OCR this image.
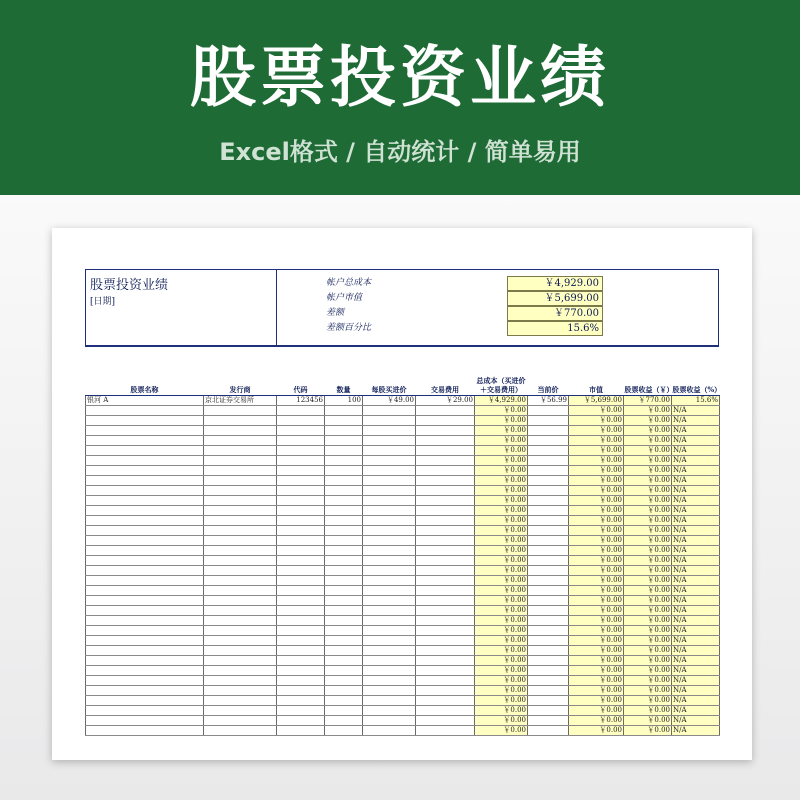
股票投资业绩
Excel格式 / 自动统计 / 简单易用
股票投资业绩
[日期]
帐户总成本	￥4,929.00
帐户市值	￥5,699.00
差额	￥770.00
差额百分比	15.6%
股票名称	发行商	代码	数量	每股买进价	交易费用	总成本（买进价＋交易费用）	当前价	市值	股票收益（￥）	股票收益（%）
银河 A	京北证券交易所	123456	100	￥49.00	￥29.00	￥4,929.00	￥56.99	￥5,699.00	￥770.00	15.6%
						￥0.00		￥0.00	￥0.00	N/A
						￥0.00		￥0.00	￥0.00	N/A
						￥0.00		￥0.00	￥0.00	N/A
						￥0.00		￥0.00	￥0.00	N/A
						￥0.00		￥0.00	￥0.00	N/A
						￥0.00		￥0.00	￥0.00	N/A
						￥0.00		￥0.00	￥0.00	N/A
						￥0.00		￥0.00	￥0.00	N/A
						￥0.00		￥0.00	￥0.00	N/A
						￥0.00		￥0.00	￥0.00	N/A
						￥0.00		￥0.00	￥0.00	N/A
						￥0.00		￥0.00	￥0.00	N/A
						￥0.00		￥0.00	￥0.00	N/A
						￥0.00		￥0.00	￥0.00	N/A
						￥0.00		￥0.00	￥0.00	N/A
						￥0.00		￥0.00	￥0.00	N/A
						￥0.00		￥0.00	￥0.00	N/A
						￥0.00		￥0.00	￥0.00	N/A
						￥0.00		￥0.00	￥0.00	N/A
						￥0.00		￥0.00	￥0.00	N/A
						￥0.00		￥0.00	￥0.00	N/A
						￥0.00		￥0.00	￥0.00	N/A
						￥0.00		￥0.00	￥0.00	N/A
						￥0.00		￥0.00	￥0.00	N/A
						￥0.00		￥0.00	￥0.00	N/A
						￥0.00		￥0.00	￥0.00	N/A
						￥0.00		￥0.00	￥0.00	N/A
						￥0.00		￥0.00	￥0.00	N/A
						￥0.00		￥0.00	￥0.00	N/A
						￥0.00		￥0.00	￥0.00	N/A
						￥0.00		￥0.00	￥0.00	N/A
						￥0.00		￥0.00	￥0.00	N/A
						￥0.00		￥0.00	￥0.00	N/A
